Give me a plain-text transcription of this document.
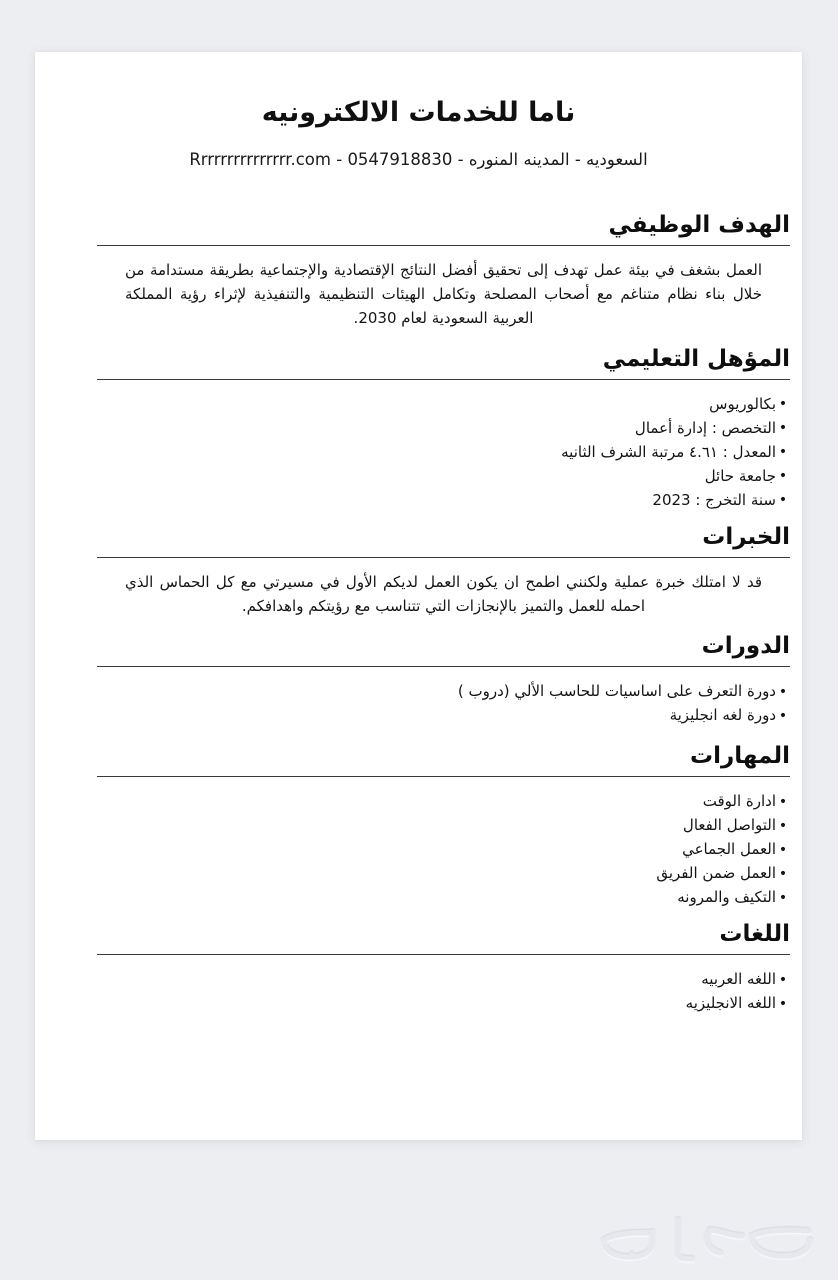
ناما للخدمات الالكترونيه
Rrrrrrrrrrrrrrr.com - السعوديه - المدينه المنوره - 0547918830
الهدف الوظيفي

العمل بشغف في بيئة عمل تهدف إلى تحقيق أفضل النتائج الإقتصادية والإجتماعية بطريقة مستدامة من خلال بناء نظام متناغم مع أصحاب المصلحة وتكامل الهيئات التنظيمية والتنفيذية لإثراء رؤية المملكة العربية السعودية لعام 2030.

المؤهل التعليمي
•بكالوريوس
•التخصص : إدارة أعمال
•المعدل : ٤.٦١ مرتبة الشرف الثانيه
•جامعة حائل
•سنة التخرج : 2023
الخبرات

قد لا امتلك خبرة عملية ولكنني اطمح ان يكون العمل لديكم الأول في مسيرتي مع كل الحماس الذي احمله للعمل والتميز بالإنجازات التي تتناسب مع رؤيتكم واهدافكم.

الدورات
•دورة التعرف على اساسيات للحاسب الألي (دروب )
•دورة لغه انجليزية
المهارات
•ادارة الوقت
•التواصل الفعال
•العمل الجماعي
•العمل ضمن الفريق
•التكيف والمرونه
اللغات
•اللغه العربيه
•اللغه الانجليزيه
